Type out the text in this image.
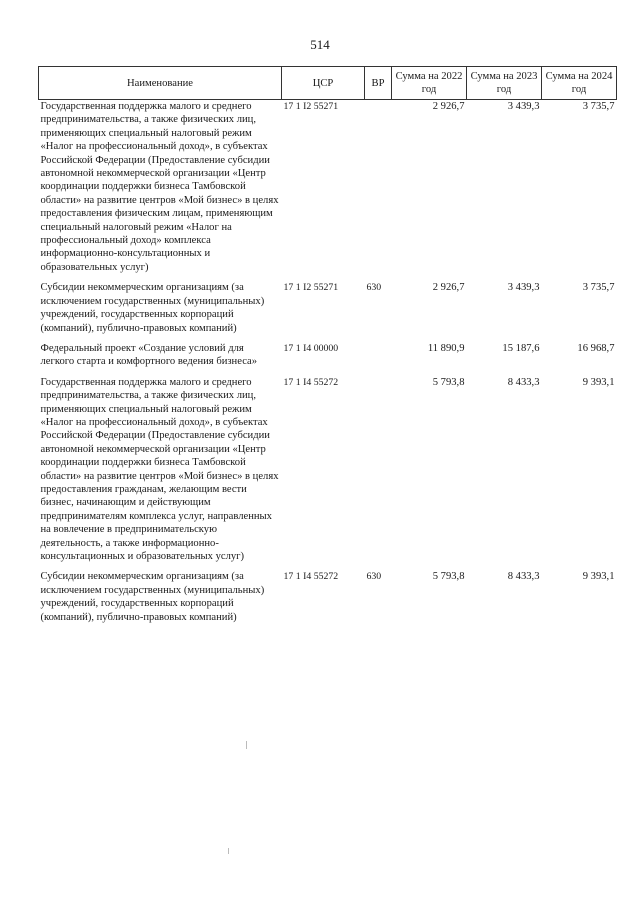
514
Наименование	ЦСР	ВР	Сумма на 2022 год	Сумма на 2023 год	Сумма на 2024 год
Государственная поддержка малого и среднего предпринимательства, а также физических лиц, применяющих специальный налоговый режим «Налог на профессиональный доход», в субъектах Российской Федерации (Предоставление субсидии автономной некоммерческой организации «Центр координации поддержки бизнеса Тамбовской области» на развитие центров «Мой бизнес» в целях предоставления физическим лицам, применяющим специальный налоговый режим «Налог на профессиональный доход» комплекса информационно-консультационных и образовательных услуг)	17 1 I2 55271		2 926,7	3 439,3	3 735,7
Субсидии некоммерческим организациям (за исключением государственных (муниципальных) учреждений, государственных корпораций (компаний), публично-правовых компаний)	17 1 I2 55271	630	2 926,7	3 439,3	3 735,7
Федеральный проект «Создание условий для легкого старта и комфортного ведения бизнеса»	17 1 I4 00000		11 890,9	15 187,6	16 968,7
Государственная поддержка малого и среднего предпринимательства, а также физических лиц, применяющих специальный налоговый режим «Налог на профессиональный доход», в субъектах Российской Федерации (Предоставление субсидии автономной некоммерческой организации «Центр координации поддержки бизнеса Тамбовской области» на развитие центров «Мой бизнес» в целях предоставления гражданам, желающим вести бизнес, начинающим и действующим предпринимателям комплекса услуг, направленных на вовлечение в предпринимательскую деятельность, а также информационно-консультационных и образовательных услуг)	17 1 I4 55272		5 793,8	8 433,3	9 393,1
Субсидии некоммерческим организациям (за исключением государственных (муниципальных) учреждений, государственных корпораций (компаний), публично-правовых компаний)	17 1 I4 55272	630	5 793,8	8 433,3	9 393,1
